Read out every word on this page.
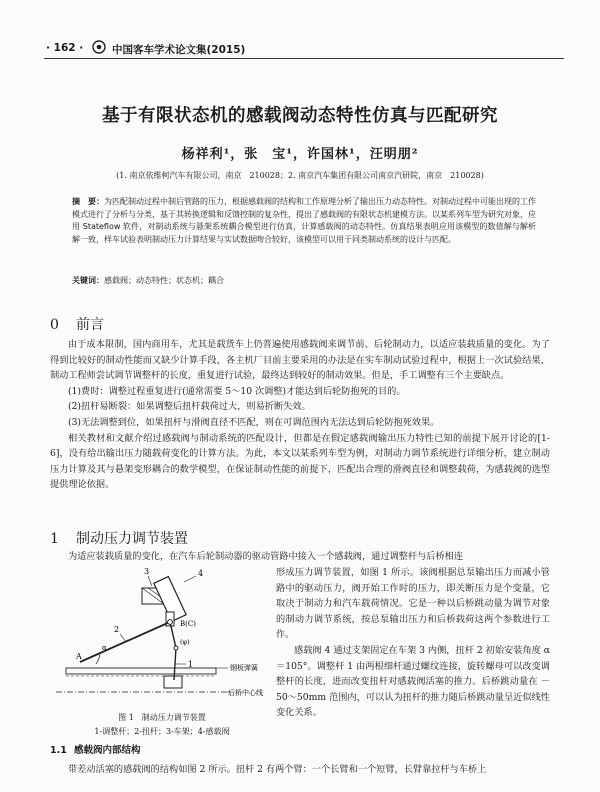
· 162 ·	中国客车学术论文集(2015)
基于有限状态机的感载阀动态特性仿真与匹配研究
杨祥利¹，张　宝¹，许国林¹，汪明朋²
(1. 南京依维柯汽车有限公司，南京　210028；2. 南京汽车集团有限公司南京汽研院，南京　210028)
摘　要：为匹配制动过程中制后管路的压力，根据感载阀的结构和工作原理分析了输出压力动态特性。对制动过程中可能出现的工作模式进行了分析与分类，基于其转换逻辑和反馈控制的复杂性，提出了感载阀的有限状态机建模方法。以某系列车型为研究对象，应用 Stateflow 软件，对制动系统与悬架系统耦合模型进行仿真，计算感载阀的动态特性。仿真结果表明应用该模型的数值解与解析解一致，样车试验表明制动压力计算结果与实试数据吻合较好，该模型可以用于同类制动系统的设计与匹配。
关键词：感载阀；动态特性；状态机；耦合
0 前言

由于成本限制，国内商用车，尤其是载货车上仍普遍使用感载阀来调节前、后轮制动力，以适应装载质量的变化。为了得到比较好的制动性能而又缺少计算手段，各主机厂目前主要采用的办法是在实车制动试验过程中，根据上一次试验结果，制动工程师尝试调节调整杆的长度，重复进行试验，最终达到较好的制动效果。但是，手工调整有三个主要缺点。

(1)费时：调整过程重复进行(通常需要 5～10 次调整)才能达到后轮防抱死的目的。

(2)扭杆易断裂：如果调整后扭杆载荷过大，则易折断失效。

(3)无法调整到位，如果扭杆与滑阀直径不匹配，则在可调范围内无法达到后轮防抱死效果。

相关教材和文献介绍过感载阀与制动系统的匹配设计，但都是在假定感载阀输出压力特性已知的前提下展开讨论的[1-6]，没有给出输出压力随载荷变化的计算方法。为此，本文以某系列车型为例，对制动力调节系统进行详细分析，建立制动压力计算及其与悬架变形耦合的数学模型，在保证制动性能的前提下，匹配出合理的滑阀直径和调整载荷，为感载阀的选型提供理论依据。

1 制动压力调节装置

为适应装载质量的变化，在汽车后轮制动器的驱动管路中接入一个感载阀，通过调整杆与后桥相连

形成压力调节装置，如图 1 所示。该阀根据总泵输出压力而减小管路中的驱动压力，阀开始工作时的压力，即关断压力是个变量，它取决于制动力和汽车载荷情况。它是一种以后桥跳动量为调节对象的制动力调节系统，按总泵输出压力和后桥载荷这两个参数进行工作。

感载阀 4 通过支架固定在车架 3 内侧，扭杆 2 初始安装角度 α＝105°。调整杆 1 由两根细杆通过螺纹连接，旋转螺母可以改变调整杆的长度，进而改变扭杆对感载阀活塞的推力。后桥跳动量在 －50～50mm 范围内，可以认为扭杆的推力随后桥跳动量呈近似线性变化关系。

4
3
2
1
A
B(C)
α
(φ)
钢板弹簧
后桥中心线
图 1　制动压力调节装置
1-调整杆；2-扭杆；3-车架；4-感载阀
1.1 感载阀内部结构

带差动活塞的感载阀的结构如图 2 所示。扭杆 2 有两个臂：一个长臂和一个短臂，长臂靠拉杆与车桥上
